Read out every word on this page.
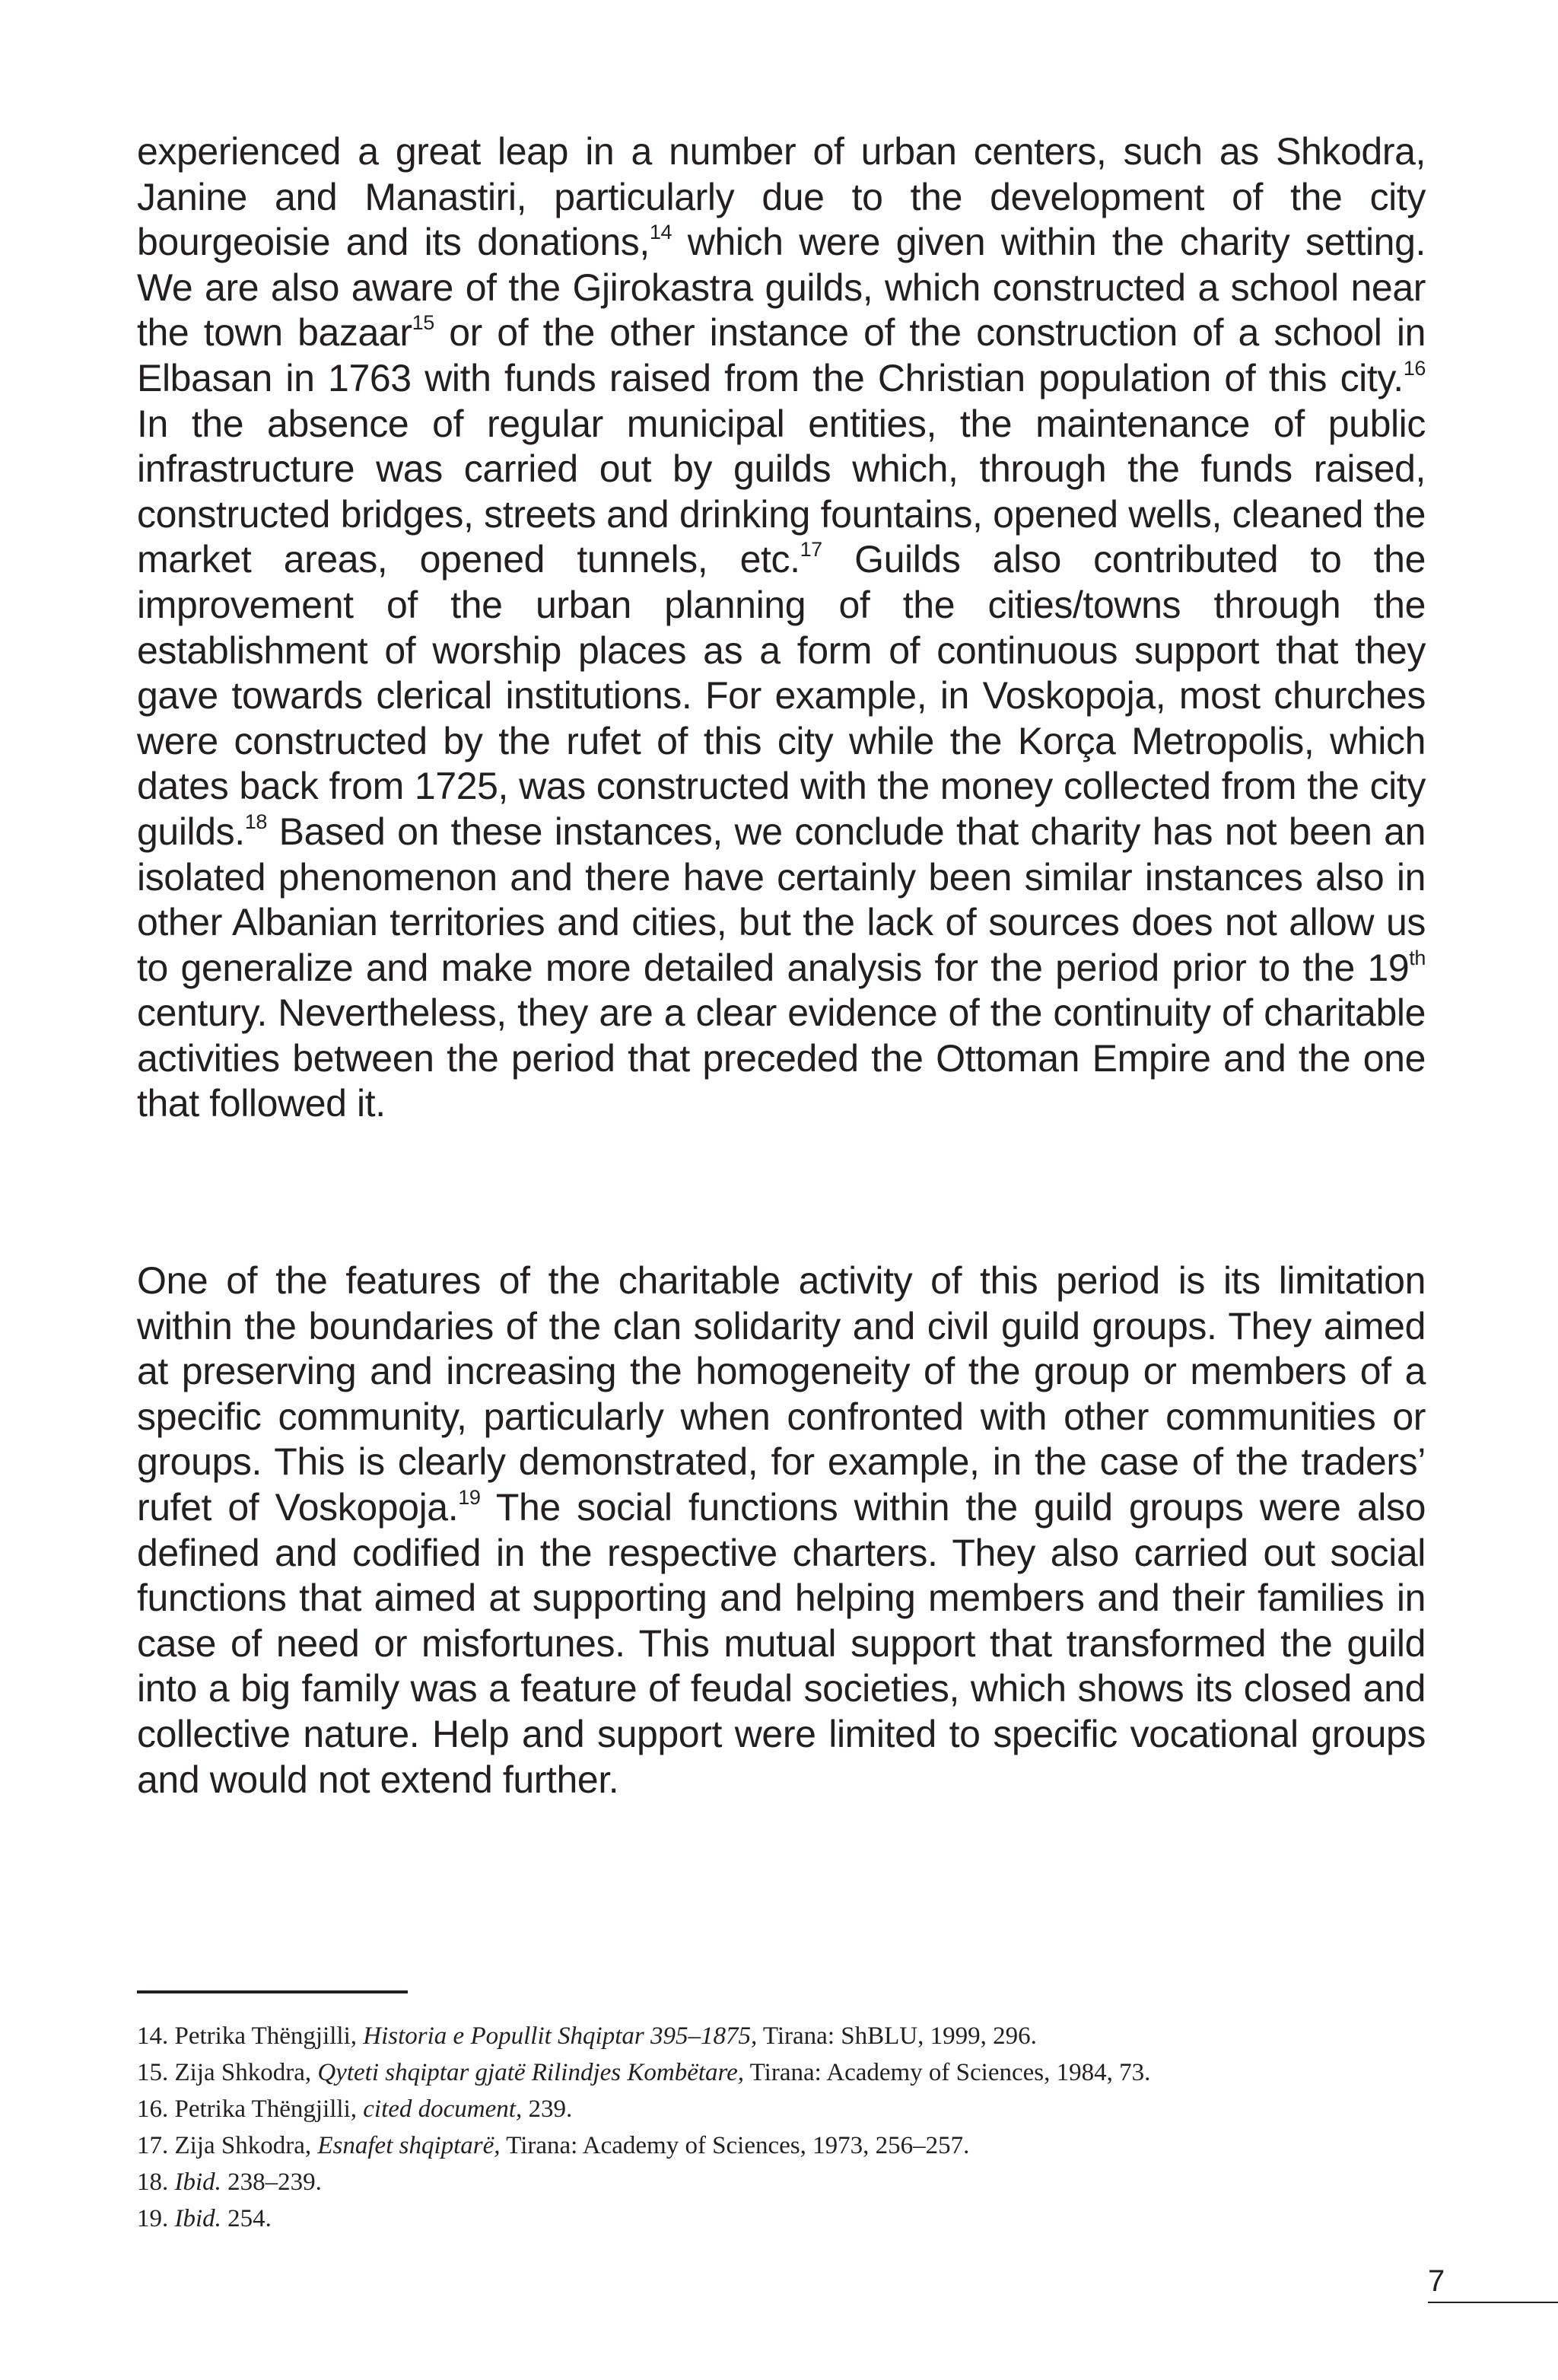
experienced a great leap in a number of urban centers, such as Shkodra, Janine and Manastiri, particularly due to the development of the city bourgeoisie and its donations,$^{14}$ which were given within the charity setting. We are also aware of the Gjirokastra guilds, which constructed a school near the town bazaar$^{15}$ or of the other instance of the construction of a school in Elbasan in 1763 with funds raised from the Christian population of this city.$^{16}$ In the absence of regular municipal entities, the maintenance of public infrastructure was carried out by guilds which, through the funds raised, constructed bridges, streets and drinking fountains, opened wells, cleaned the market areas, opened tunnels, etc.$^{17}$ Guilds also contributed to the improvement of the urban planning of the cities/towns through the establishment of worship places as a form of continuous support that they gave towards clerical institutions. For example, in Voskopoja, most churches were constructed by the rufet of this city while the Korça Metropolis, which dates back from 1725, was constructed with the money collected from the city guilds.$^{18}$ Based on these instances, we conclude that charity has not been an isolated phenomenon and there have certainly been similar instances also in other Albanian territories and cities, but the lack of sources does not allow us to generalize and make more detailed analysis for the period prior to the 19th century. Nevertheless, they are a clear evidence of the continuity of charitable activities between the period that preceded the Ottoman Empire and the one that followed it.

One of the features of the charitable activity of this period is its limitation within the boundaries of the clan solidarity and civil guild groups. They aimed at preserving and increasing the homogeneity of the group or members of a specific community, particularly when confronted with other communities or groups. This is clearly demonstrated, for example, in the case of the traders’ rufet of Voskopoja.$^{19}$ The social functions within the guild groups were also defined and codified in the respective charters. They also carried out social functions that aimed at supporting and helping members and their families in case of need or misfortunes. This mutual support that transformed the guild into a big family was a feature of feudal societies, which shows its closed and collective nature. Help and support were limited to specific vocational groups and would not extend further.

14. Petrika Thëngjilli, Historia e Popullit Shqiptar 395–1875, Tirana: ShBLU, 1999, 296.
15. Zija Shkodra, Qyteti shqiptar gjatë Rilindjes Kombëtare, Tirana: Academy of Sciences, 1984, 73.
16. Petrika Thëngjilli, cited document, 239.
17. Zija Shkodra, Esnafet shqiptarë, Tirana: Academy of Sciences, 1973, 256–257.
18. Ibid. 238–239.
19. Ibid. 254.
7
